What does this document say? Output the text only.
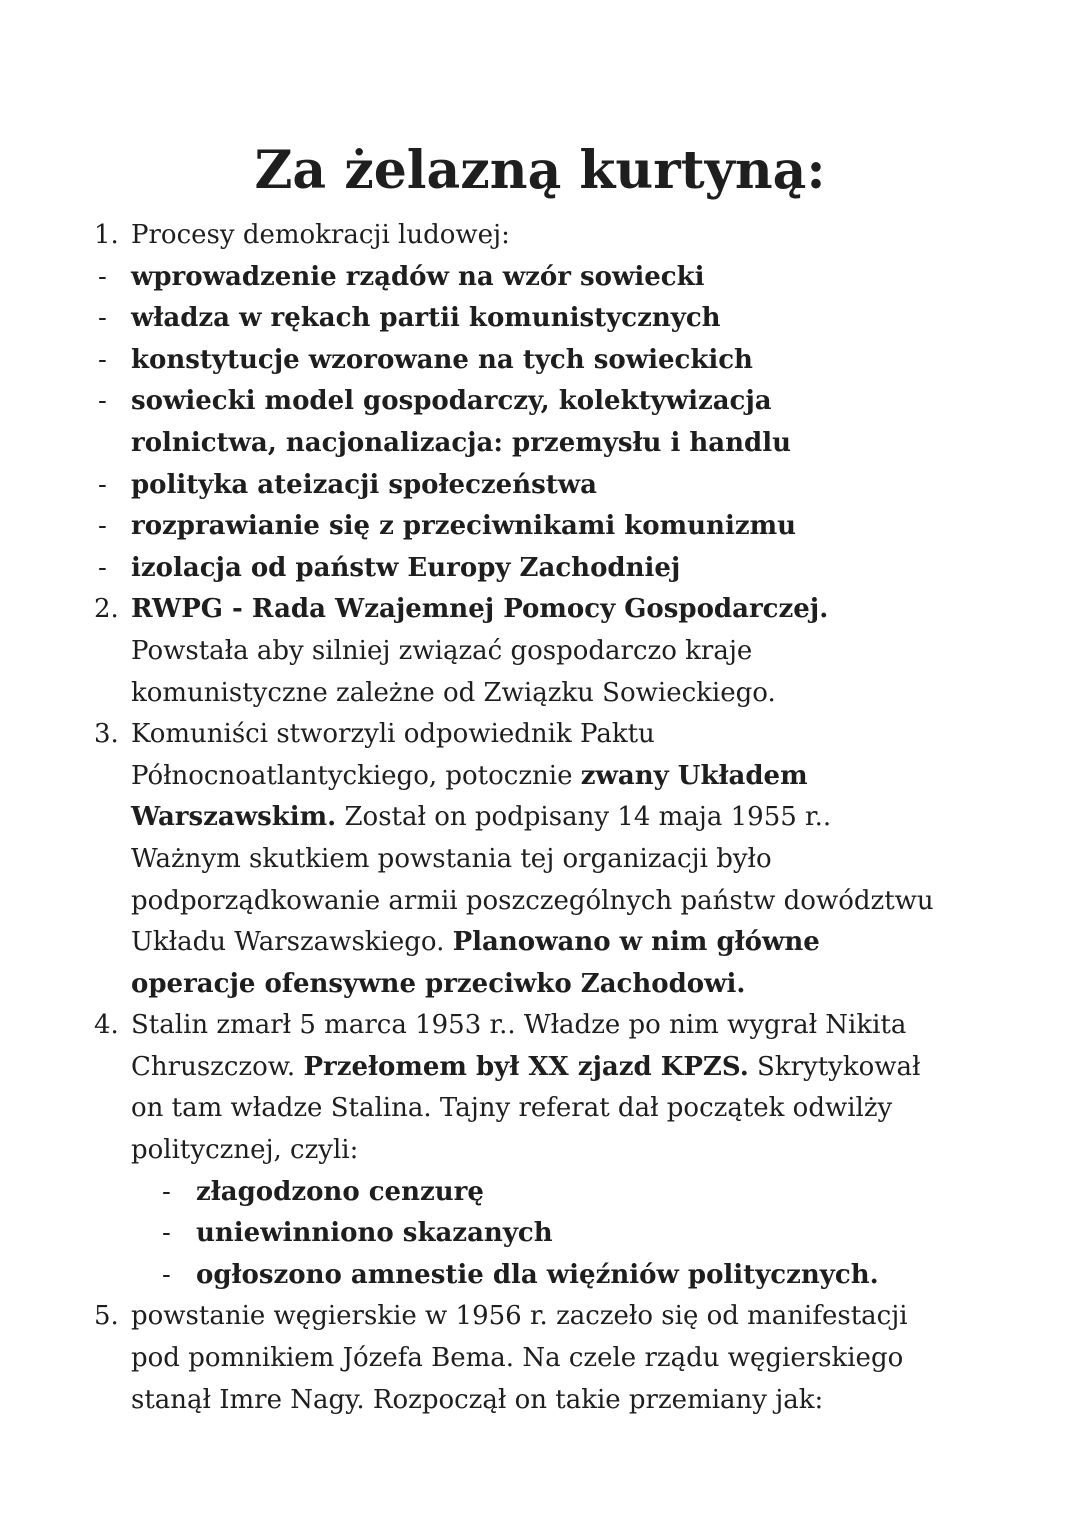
Za żelazną kurtyną:
1. Procesy demokracji ludowej:
- wprowadzenie rządów na wzór sowiecki
- władza w rękach partii komunistycznych
- konstytucje wzorowane na tych sowieckich
- sowiecki model gospodarczy, kolektywizacja rolnictwa, nacjonalizacja: przemysłu i handlu
- polityka ateizacji społeczeństwa
- rozprawianie się z przeciwnikami komunizmu
- izolacja od państw Europy Zachodniej
2. RWPG - Rada Wzajemnej Pomocy Gospodarczej. Powstała aby silniej związać gospodarczo kraje komunistyczne zależne od Związku Sowieckiego.
3. Komuniści stworzyli odpowiednik Paktu Północnoatlantyckiego, potocznie zwany Układem Warszawskim. Został on podpisany 14 maja 1955 r.. Ważnym skutkiem powstania tej organizacji było podporządkowanie armii poszczególnych państw dowództwu Układu Warszawskiego. Planowano w nim główne operacje ofensywne przeciwko Zachodowi.
4. Stalin zmarł 5 marca 1953 r.. Władze po nim wygrał Nikita Chruszczow. Przełomem był XX zjazd KPZS. Skrytykował on tam władze Stalina. Tajny referat dał początek odwilży politycznej, czyli:
- złagodzono cenzurę
- uniewinniono skazanych
- ogłoszono amnestie dla więźniów politycznych.
5. powstanie węgierskie w 1956 r. zaczeło się od manifestacji pod pomnikiem Józefa Bema. Na czele rządu węgierskiego stanął Imre Nagy. Rozpoczął on takie przemiany jak:
